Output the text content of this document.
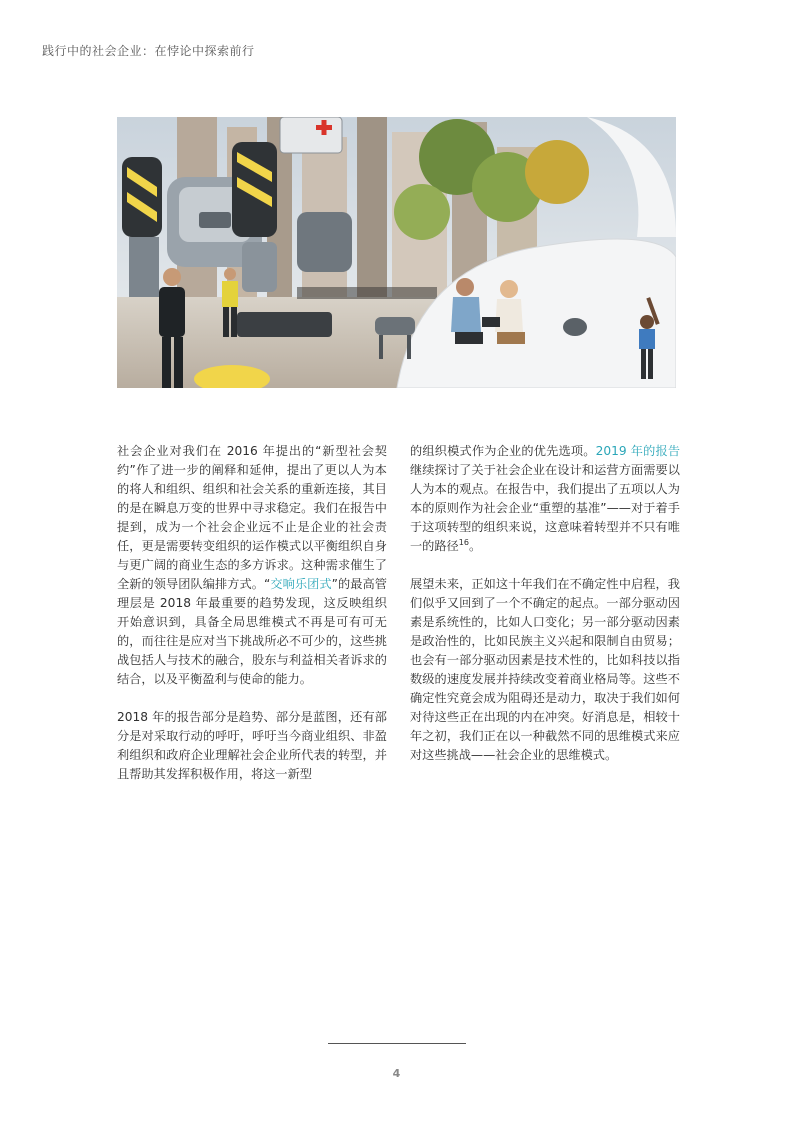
践行中的社会企业：在悖论中探索前行

社会企业对我们在 2016 年提出的“新型社会契约”作了进一步的阐释和延伸，提出了更以人为本的将人和组织、组织和社会关系的重新连接，其目的是在瞬息万变的世界中寻求稳定。我们在报告中提到，成为一个社会企业远不止是企业的社会责任，更是需要转变组织的运作模式以平衡组织自身与更广阔的商业生态的多方诉求。这种需求催生了全新的领导团队编排方式。“交响乐团式”的最高管理层是 2018 年最重要的趋势发现，这反映组织开始意识到，具备全局思维模式不再是可有可无的，而往往是应对当下挑战所必不可少的，这些挑战包括人与技术的融合，股东与利益相关者诉求的结合，以及平衡盈利与使命的能力。

2018 年的报告部分是趋势、部分是蓝图，还有部分是对采取行动的呼吁，呼吁当今商业组织、非盈利组织和政府企业理解社会企业所代表的转型，并且帮助其发挥积极作用，将这一新型

的组织模式作为企业的优先选项。2019 年的报告继续探讨了关于社会企业在设计和运营方面需要以人为本的观点。在报告中，我们提出了五项以人为本的原则作为社会企业“重塑的基准”——对于着手于这项转型的组织来说，这意味着转型并不只有唯一的路径$^{16}$。

展望未来，正如这十年我们在不确定性中启程，我们似乎又回到了一个不确定的起点。一部分驱动因素是系统性的，比如人口变化；另一部分驱动因素是政治性的，比如民族主义兴起和限制自由贸易；也会有一部分驱动因素是技术性的，比如科技以指数级的速度发展并持续改变着商业格局等。这些不确定性究竟会成为阻碍还是动力，取决于我们如何对待这些正在出现的内在冲突。好消息是，相较十年之初，我们正在以一种截然不同的思维模式来应对这些挑战——社会企业的思维模式。

4
